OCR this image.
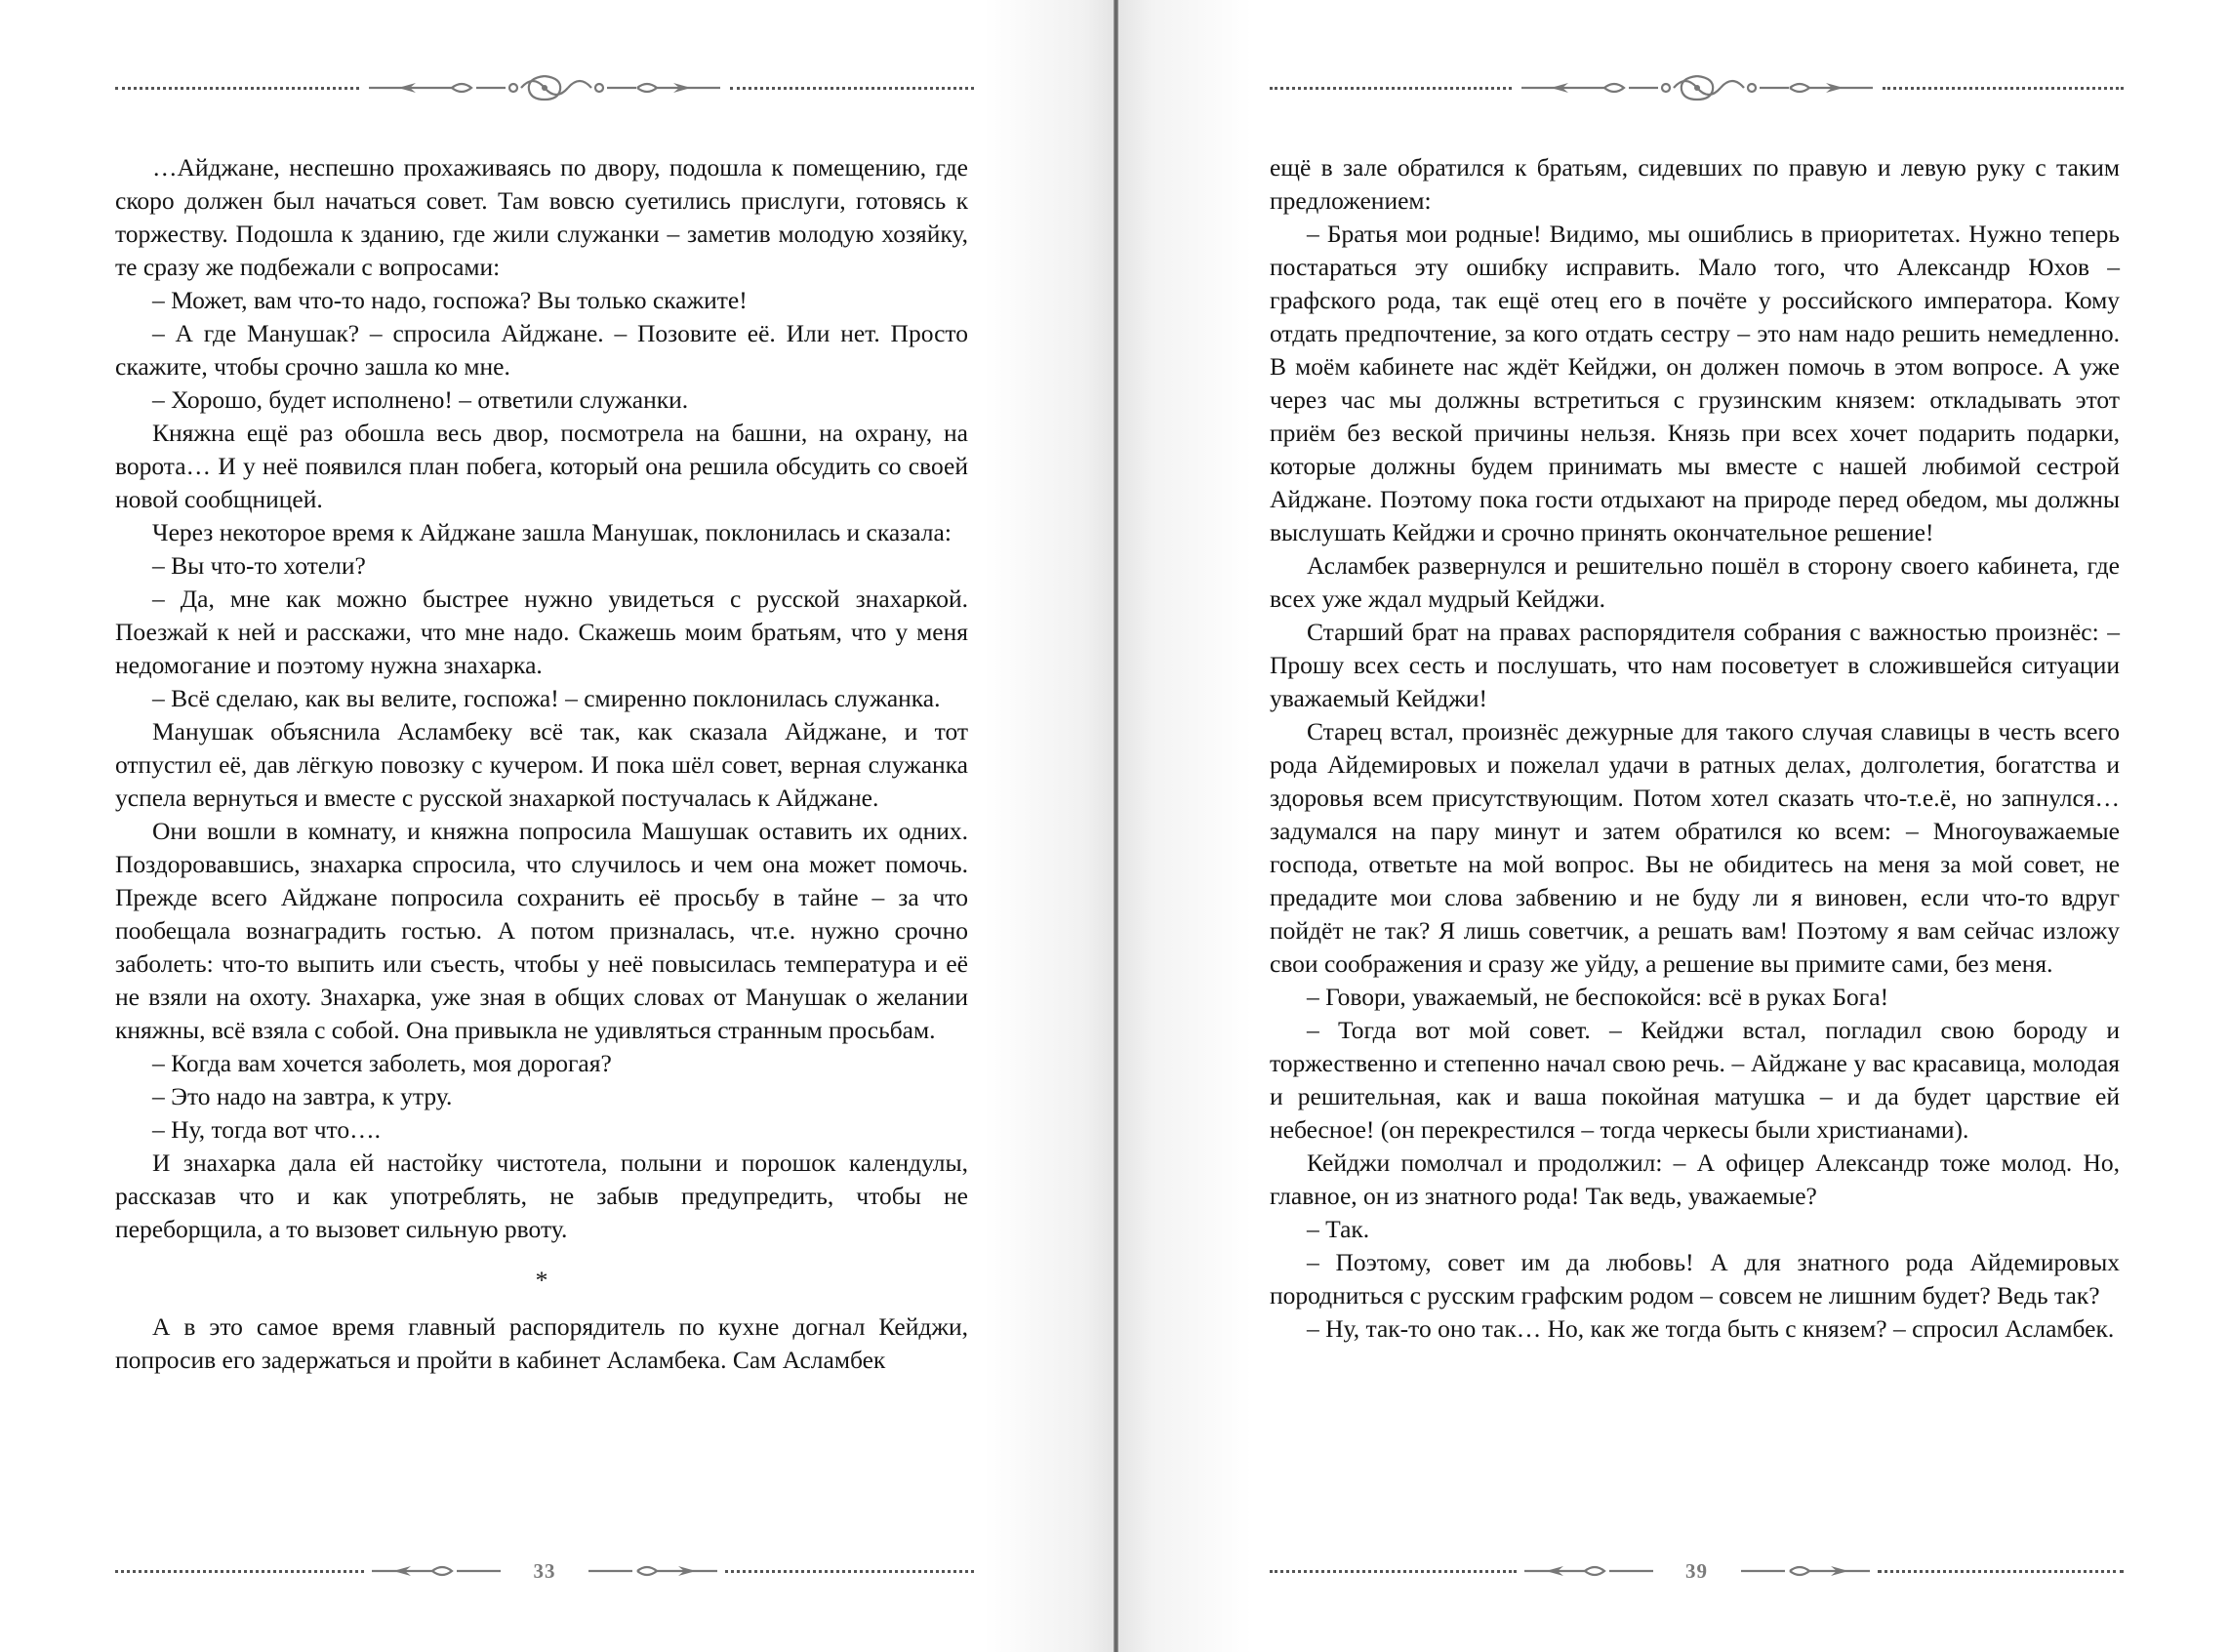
…Айджане, неспешно прохаживаясь по двору, подошла к помещению, где скоро должен был начаться совет. Там вовсю суетились прислуги, готовясь к торжеству. Подошла к зданию, где жили служанки – заметив молодую хозяйку, те сразу же подбежали с вопросами:

– Может, вам что-то надо, госпожа? Вы только скажите!

– А где Манушак? – спросила Айджане. – Позовите её. Или нет. Просто скажите, чтобы срочно зашла ко мне.

– Хорошо, будет исполнено! – ответили служанки.

Княжна ещё раз обошла весь двор, посмотрела на башни, на охрану, на ворота… И у неё появился план побега, который она решила обсудить со своей новой сообщницей.

Через некоторое время к Айджане зашла Манушак, поклонилась и сказала:

– Вы что-то хотели?

– Да, мне как можно быстрее нужно увидеться с русской знахаркой. Поезжай к ней и расскажи, что мне надо. Скажешь моим братьям, что у меня недомогание и поэтому нужна знахарка.

– Всё сделаю, как вы велите, госпожа! – смиренно поклонилась служанка.

Манушак объяснила Асламбеку всё так, как сказала Айджане, и тот отпустил её, дав лёгкую повозку с кучером. И пока шёл совет, верная служанка успела вернуться и вместе с русской знахаркой постучалась к Айджане.

Они вошли в комнату, и княжна попросила Машушак оставить их одних. Поздоровавшись, знахарка спросила, что случилось и чем она может помочь. Прежде всего Айджане попросила сохранить её просьбу в тайне – за что пообещала вознаградить гостью. А потом призналась, чт.е. нужно срочно заболеть: что-то выпить или съесть, чтобы у неё повысилась температура и её не взяли на охоту. Знахарка, уже зная в общих словах от Манушак о желании княжны, всё взяла с собой. Она привыкла не удивляться странным просьбам.

– Когда вам хочется заболеть, моя дорогая?

– Это надо на завтра, к утру.

– Ну, тогда вот что….

И знахарка дала ей настойку чистотела, полыни и порошок календулы, рассказав что и как употреблять, не забыв предупредить, чтобы не переборщила, а то вызовет сильную рвоту.

*

А в это самое время главный распорядитель по кухне догнал Кейджи, попросив его задержаться и пройти в кабинет Асламбека. Сам Асламбек

33

ещё в зале обратился к братьям, сидевших по правую и левую руку с таким предложением:

– Братья мои родные! Видимо, мы ошиблись в приоритетах. Нужно теперь постараться эту ошибку исправить. Мало того, что Александр Юхов – графского рода, так ещё отец его в почёте у российского императора. Кому отдать предпочтение, за кого отдать сестру – это нам надо решить немедленно. В моём кабинете нас ждёт Кейджи, он должен помочь в этом вопросе. А уже через час мы должны встретиться с грузинским князем: откладывать этот приём без веской причины нельзя. Князь при всех хочет подарить подарки, которые должны будем принимать мы вместе с нашей любимой сестрой Айджане. Поэтому пока гости отдыхают на природе перед обедом, мы должны выслушать Кейджи и срочно принять окончательное решение!

Асламбек развернулся и решительно пошёл в сторону своего кабинета, где всех уже ждал мудрый Кейджи.

Старший брат на правах распорядителя собрания с важностью произнёс: – Прошу всех сесть и послушать, что нам посоветует в сложившейся ситуации уважаемый Кейджи!

Старец встал, произнёс дежурные для такого случая славицы в честь всего рода Айдемировых и пожелал удачи в ратных делах, долголетия, богатства и здоровья всем присутствующим. Потом хотел сказать что-т.е.ё, но запнулся… задумался на пару минут и затем обратился ко всем: – Многоуважаемые господа, ответьте на мой вопрос. Вы не обидитесь на меня за мой совет, не предадите мои слова забвению и не буду ли я виновен, если что-то вдруг пойдёт не так? Я лишь советчик, а решать вам! Поэтому я вам сейчас изложу свои соображения и сразу же уйду, а решение вы примите сами, без меня.

– Говори, уважаемый, не беспокойся: всё в руках Бога!

– Тогда вот мой совет. – Кейджи встал, погладил свою бороду и торжественно и степенно начал свою речь. – Айджане у вас красавица, молодая и решительная, как и ваша покойная матушка – и да будет царствие ей небесное! (он перекрестился – тогда черкесы были христианами).

Кейджи помолчал и продолжил: – А офицер Александр тоже молод. Но, главное, он из знатного рода! Так ведь, уважаемые?

– Так.

– Поэтому, совет им да любовь! А для знатного рода Айдемировых породниться с русским графским родом – совсем не лишним будет? Ведь так?

– Ну, так-то оно так… Но, как же тогда быть с князем? – спросил Асламбек.

39
